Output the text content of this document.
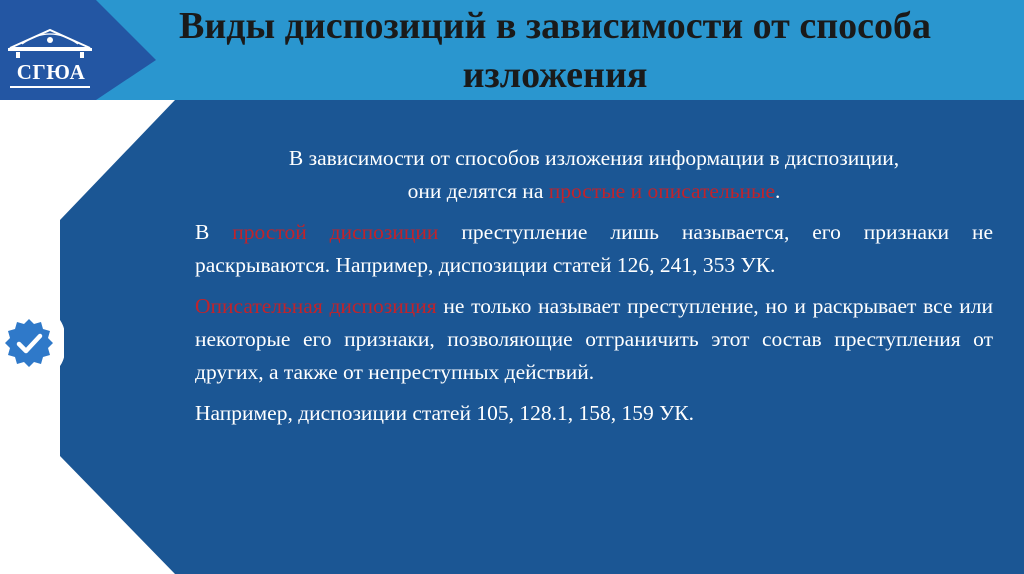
СГЮА
Виды диспозиций в зависимости от способа изложения

В зависимости от способов изложения информации в диспозиции,
они делятся на простые и описательные.

В простой диспозиции преступление лишь называется, его признаки не раскрываются. Например, диспозиции статей 126, 241, 353 УК.

Описательная диспозиция не только называет преступление, но и раскрывает все или некоторые его признаки, позволяющие отграничить этот состав преступления от других, а также от непреступных действий.

Например, диспозиции статей 105, 128.1, 158, 159 УК.
